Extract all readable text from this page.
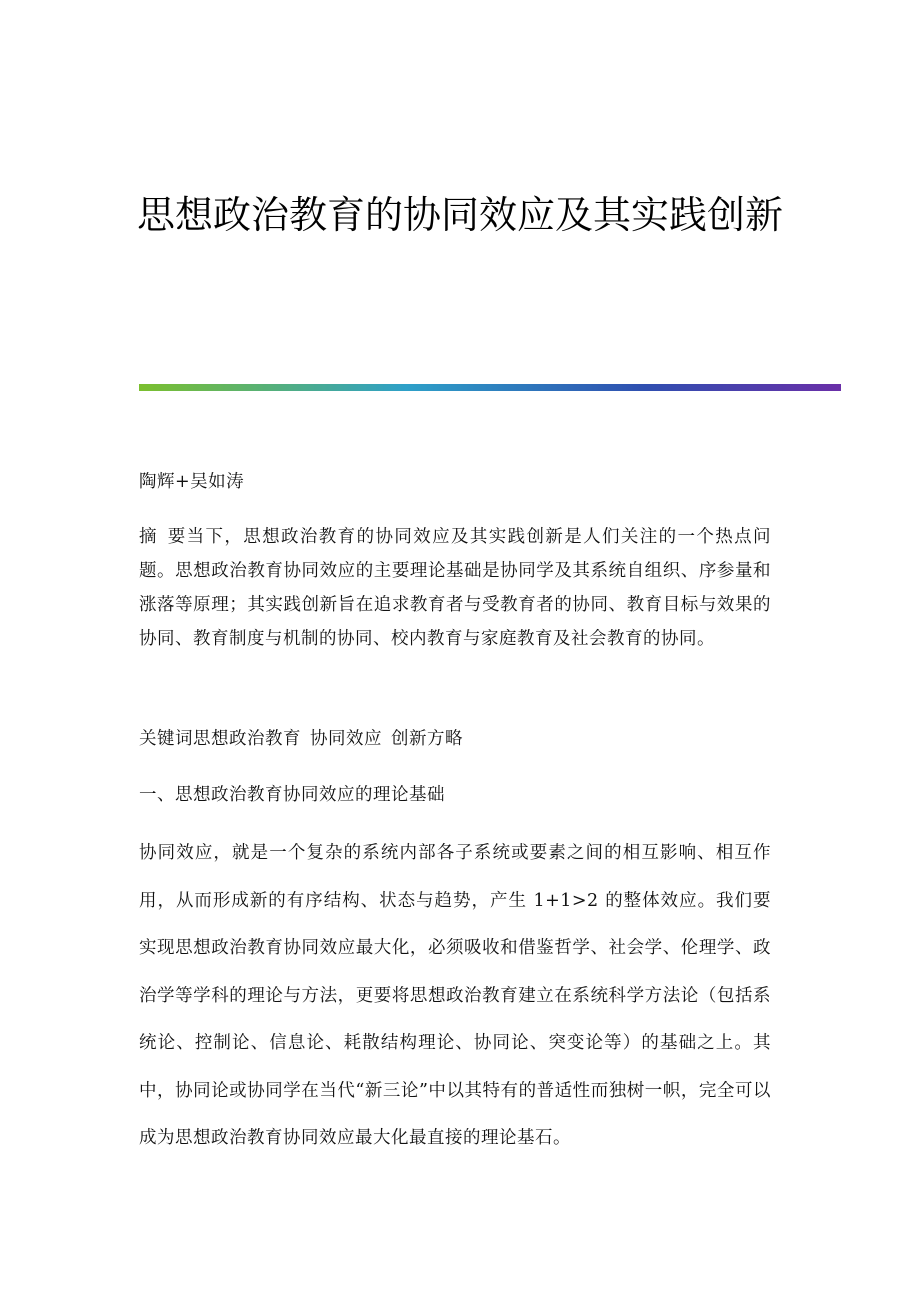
思想政治教育的协同效应及其实践创新

陶辉+吴如涛

摘 要当下，思想政治教育的协同效应及其实践创新是人们关注的一个热点问题。思想政治教育协同效应的主要理论基础是协同学及其系统自组织、序参量和涨落等原理；其实践创新旨在追求教育者与受教育者的协同、教育目标与效果的协同、教育制度与机制的协同、校内教育与家庭教育及社会教育的协同。

关键词思想政治教育 协同效应 创新方略

一、思想政治教育协同效应的理论基础

协同效应，就是一个复杂的系统内部各子系统或要素之间的相互影响、相互作用，从而形成新的有序结构、状态与趋势，产生 1+1>2 的整体效应。我们要实现思想政治教育协同效应最大化，必须吸收和借鉴哲学、社会学、伦理学、政治学等学科的理论与方法，更要将思想政治教育建立在系统科学方法论（包括系统论、控制论、信息论、耗散结构理论、协同论、突变论等）的基础之上。其中，协同论或协同学在当代“新三论”中以其特有的普适性而独树一帜，完全可以成为思想政治教育协同效应最大化最直接的理论基石。
